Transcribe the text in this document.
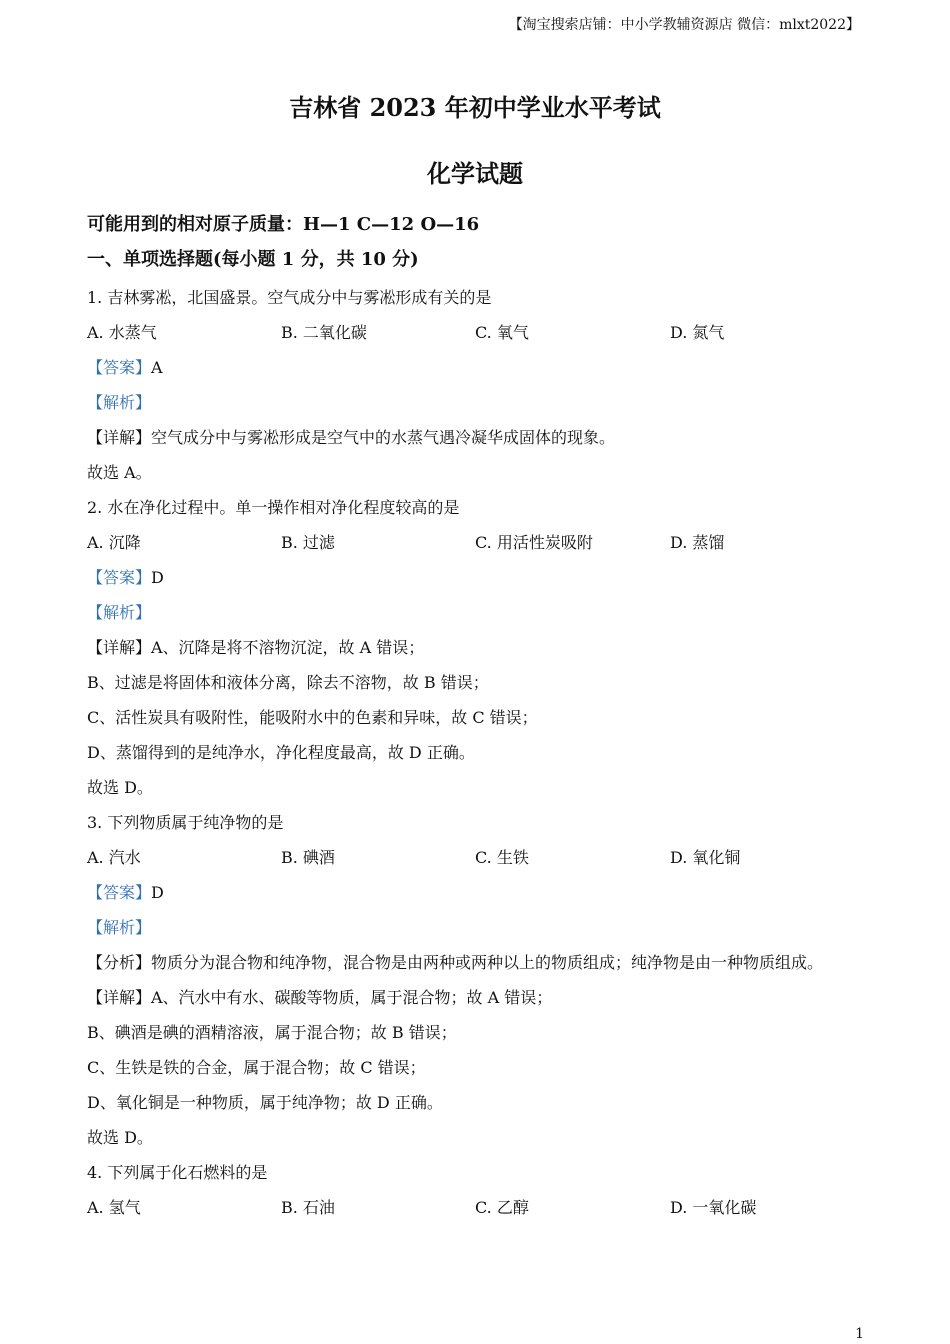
【淘宝搜索店铺：中小学教辅资源店 微信：mlxt2022】
吉林省 2023 年初中学业水平考试
化学试题
可能用到的相对原子质量：H—1 C—12 O—16
一、单项选择题(每小题 1 分，共 10 分)
1. 吉林雾凇，北国盛景。空气成分中与雾凇形成有关的是
A. 水蒸气	B. 二氧化碳	C. 氧气	D. 氮气
【答案】A
【解析】
【详解】空气成分中与雾凇形成是空气中的水蒸气遇冷凝华成固体的现象。
故选 A。
2. 水在净化过程中。单一操作相对净化程度较高的是
A. 沉降	B. 过滤	C. 用活性炭吸附	D. 蒸馏
【答案】D
【解析】
【详解】A、沉降是将不溶物沉淀，故 A 错误；
B、过滤是将固体和液体分离，除去不溶物，故 B 错误；
C、活性炭具有吸附性，能吸附水中的色素和异味，故 C 错误；
D、蒸馏得到的是纯净水，净化程度最高，故 D 正确。
故选 D。
3. 下列物质属于纯净物的是
A. 汽水	B. 碘酒	C. 生铁	D. 氧化铜
【答案】D
【解析】
【分析】物质分为混合物和纯净物，混合物是由两种或两种以上的物质组成；纯净物是由一种物质组成。
【详解】A、汽水中有水、碳酸等物质，属于混合物；故 A 错误；
B、碘酒是碘的酒精溶液，属于混合物；故 B 错误；
C、生铁是铁的合金，属于混合物；故 C 错误；
D、氧化铜是一种物质，属于纯净物；故 D 正确。
故选 D。
4. 下列属于化石燃料的是
A. 氢气	B. 石油	C. 乙醇	D. 一氧化碳
1
